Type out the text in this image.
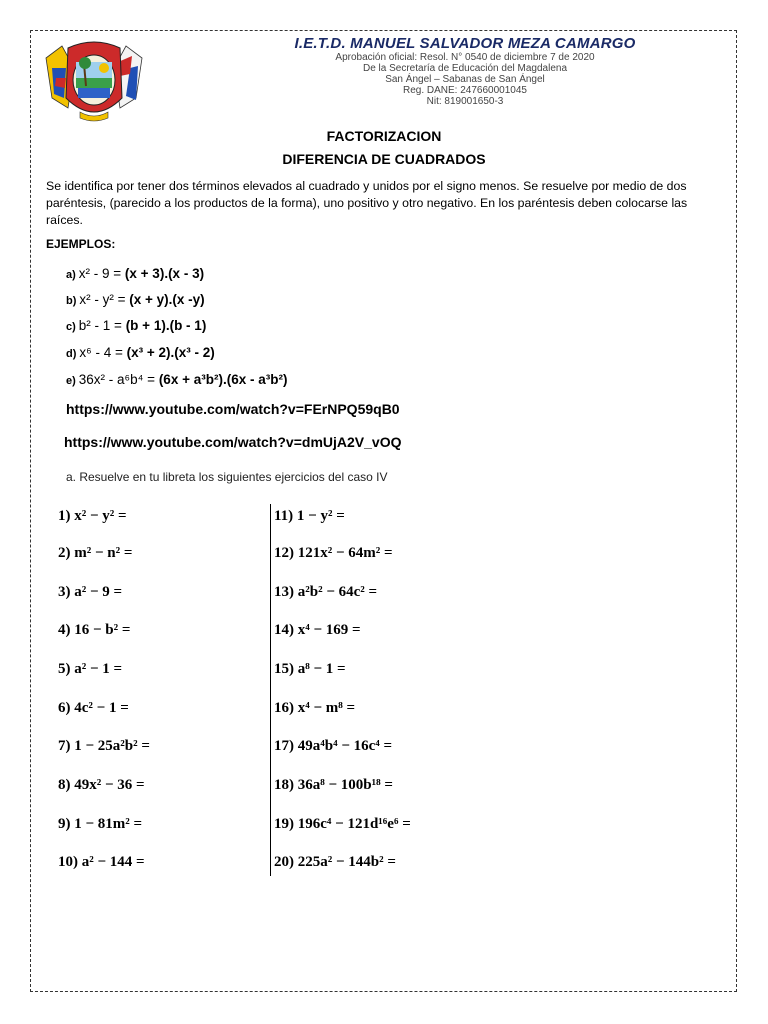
I.E.T.D. MANUEL SALVADOR MEZA CAMARGO
Aprobación oficial: Resol. N° 0540 de diciembre 7 de 2020
De la Secretaría de Educación del Magdalena
San Ángel – Sabanas de San Ángel
Reg. DANE: 247660001045
Nit: 819001650-3
FACTORIZACION
DIFERENCIA DE CUADRADOS
Se identifica por tener dos términos elevados al cuadrado y unidos por el signo menos. Se resuelve por medio de dos paréntesis, (parecido a los productos de la forma), uno positivo y otro negativo. En los paréntesis deben colocarse las raíces.
EJEMPLOS:
a) x² - 9 = (x + 3).(x - 3)
b) x² - y² = (x + y).(x -y)
c) b² - 1 = (b + 1).(b - 1)
d) x⁶ - 4 = (x³ + 2).(x³ - 2)
e) 36x² - a⁶b⁴ = (6x + a³b²).(6x - a³b²)
https://www.youtube.com/watch?v=FErNPQ59qB0
https://www.youtube.com/watch?v=dmUjA2V_vOQ
a. Resuelve en tu libreta los siguientes ejercicios del caso IV
1) x² − y² =
2) m² − n² =
3) a² − 9 =
4) 16 − b² =
5) a² − 1 =
6) 4c² − 1 =
7) 1 − 25a²b² =
8) 49x² − 36 =
9) 1 − 81m² =
10) a² − 144 =
11) 1 − y² =
12) 121x² − 64m² =
13) a²b² − 64c² =
14) x⁴ − 169 =
15) a⁸ − 1 =
16) x⁴ − m⁸ =
17) 49a⁴b⁴ − 16c⁴ =
18) 36a⁸ − 100b¹⁸ =
19) 196c⁴ − 121d¹⁶e⁶ =
20) 225a² − 144b² =
